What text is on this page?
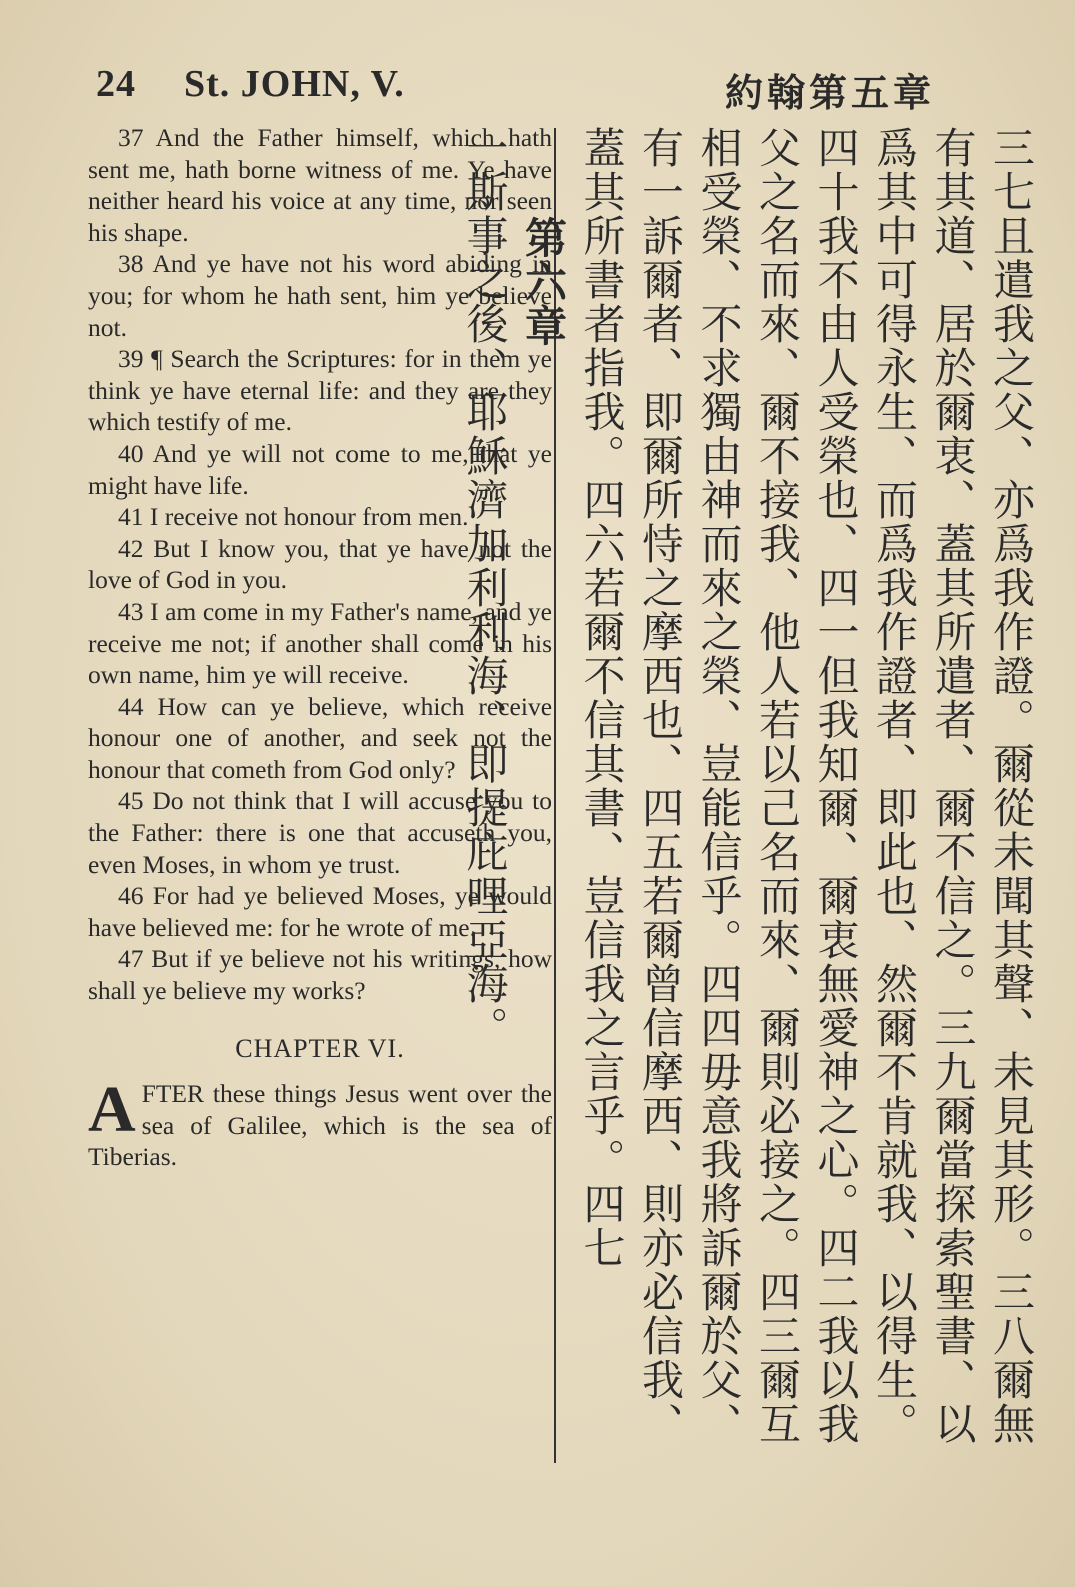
24 St. JOHN, V.	約翰第五章

37 And the Father himself, which hath sent me, hath borne witness of me. Ye have neither heard his voice at any time, nor seen his shape.

38 And ye have not his word abiding in you; for whom he hath sent, him ye believe not.

39 ¶ Search the Scriptures: for in them ye think ye have eternal life: and they are they which testify of me.

40 And ye will not come to me, that ye might have life.

41 I receive not honour from men.

42 But I know you, that ye have not the love of God in you.

43 I am come in my Father's name, and ye receive me not; if another shall come in his own name, him ye will receive.

44 How can ye believe, which receive honour one of another, and seek not the honour that cometh from God only?

45 Do not think that I will accuse you to the Father: there is one that accuseth you, even Moses, in whom ye trust.

46 For had ye believed Moses, ye would have believed me: for he wrote of me.

47 But if ye believe not his writings, how shall ye believe my works?

CHAPTER VI.

AFTER these things Jesus went over the sea of Galilee, which is the sea of Tiberias.	三七且遣我之父、亦爲我作證。爾從未聞其聲、未見其形。三八爾無有其道、居於爾衷、蓋其所遣者、爾不信之。三九爾當探索聖書、以爲其中可得永生、而爲我作證者、即此也、然爾不肯就我、以得生。四十我不由人受榮也、四一但我知爾、爾衷無愛神之心。四二我以我父之名而來、爾不接我、他人若以己名而來、爾則必接之。四三爾互相受榮、不求獨由神而來之榮、豈能信乎。四四毋意我將訴爾於父、有一訴爾者、即爾所恃之摩西也、四五若爾曾信摩西、則亦必信我、蓋其所書者指我。四六若爾不信其書、豈信我之言乎。四七

第六章

一斯事之後、耶穌濟加利利海、即提庇哩亞海。
